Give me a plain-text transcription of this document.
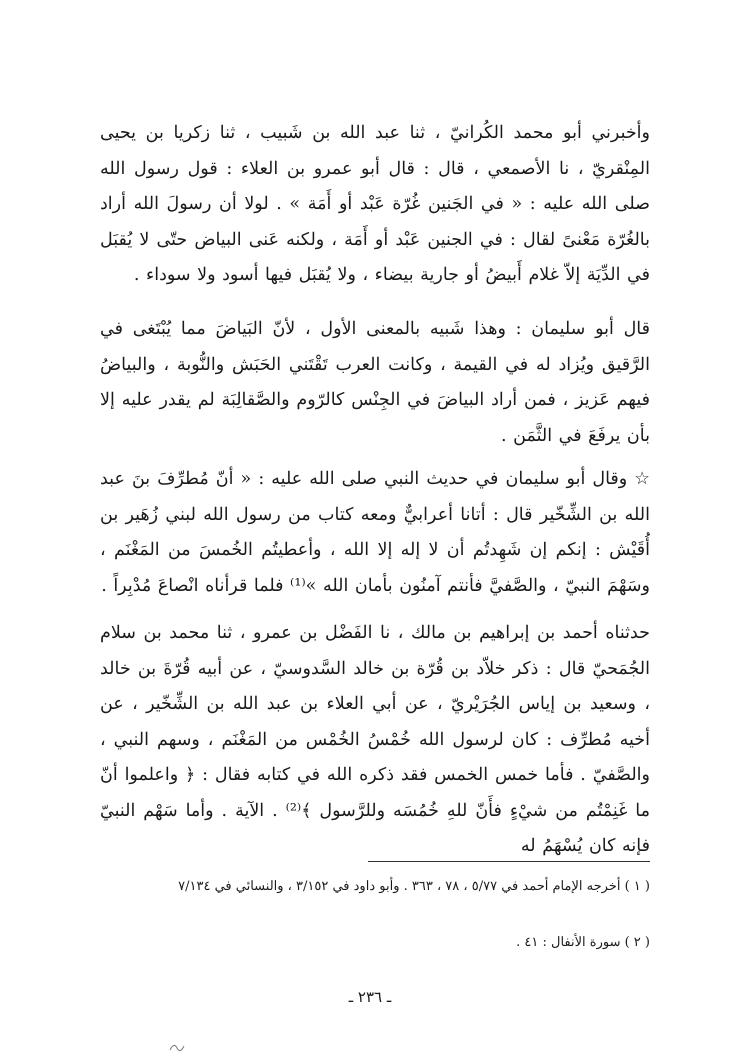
وأخبرني أبو محمد الكُرانيّ ، ثنا عبد الله بن شَبيب ، ثنا زكريا بن يحيى المِنْقريّ ، نا الأصمعي ، قال : قال أبو عمرو بن العلاء : قول رسول الله صلى الله عليه : « في الجَنين غُرّة عَبْد أو أَمَة » . لولا أن رسولَ الله أراد بالغُرّة مَعْنىً لقال : في الجنين عَبْد أو أَمَة ، ولكنه عَنى البياض حتّى لا يُقبَل في الدِّيَة إلاّ غلام أَبيضُ أو جارية بيضاء ، ولا يُقبَل فيها أسود ولا سوداء .

قال أبو سليمان : وهذا شَبيه بالمعنى الأول ، لأنّ البَياضَ مما يُبْتَغى في الرَّقيق ويُزاد له في القيمة ، وكانت العرب تَقْتَني الحَبَش والنُّوبة ، والبياضُ فيهم عَزيز ، فمن أراد البياضَ في الجِنْس كالرّوم والصَّقالِبَة لم يقدر عليه إلا بأن يرفَعَ في الثَّمَن .

☆ وقال أبو سليمان في حديث النبي صلى الله عليه : « أنّ مُطرِّفَ بنَ عبد الله بن الشِّخّير قال : أتانا أعرابيٌّ ومعه كتاب من رسول الله لبني زُهَير بن أُقَيْش : إنكم إن شَهِدتُم أن لا إله إلا الله ، وأعطيتُم الخُمسَ من المَغْنَم ، وسَهْمَ النبيّ ، والصَّفيَّ فأنتم آمنُون بأمان الله »⁽¹⁾ فلما قرأناه انْصاعَ مُدْبِراً .

حدثناه أحمد بن إبراهيم بن مالك ، نا الفَضْل بن عمرو ، ثنا محمد بن سلام الجُمَحيّ قال : ذكر خلاّد بن قُرّة بن خالد السَّدوسيّ ، عن أبيه قُرّةَ بن خالد ، وسعيد بن إياس الجُرَيْريّ ، عن أبي العلاء بن عبد الله بن الشِّخّير ، عن أخيه مُطرِّف : كان لرسول الله خُمْسُ الخُمْس من المَغْنَم ، وسهم النبي ، والصَّفيّ . فأما خمس الخمس فقد ذكره الله في كتابه فقال : ﴿ واعلموا أنّ ما غَنِمْتُم من شيْءٍ فأَنّ للهِ خُمُسَه وللرَّسول ﴾⁽²⁾ . الآية . وأما سَهْم النبيّ فإنه كان يُسْهَمُ له

( ١ ) أخرجه الإمام أحمد في ٥/٧٧ ، ٧٨ ، ٣٦٣ . وأبو داود في ٣/١٥٢ ، والنسائي في ٧/١٣٤

( ٢ ) سورة الأنفال : ٤١ .

ـ ٢٣٦ ـ
